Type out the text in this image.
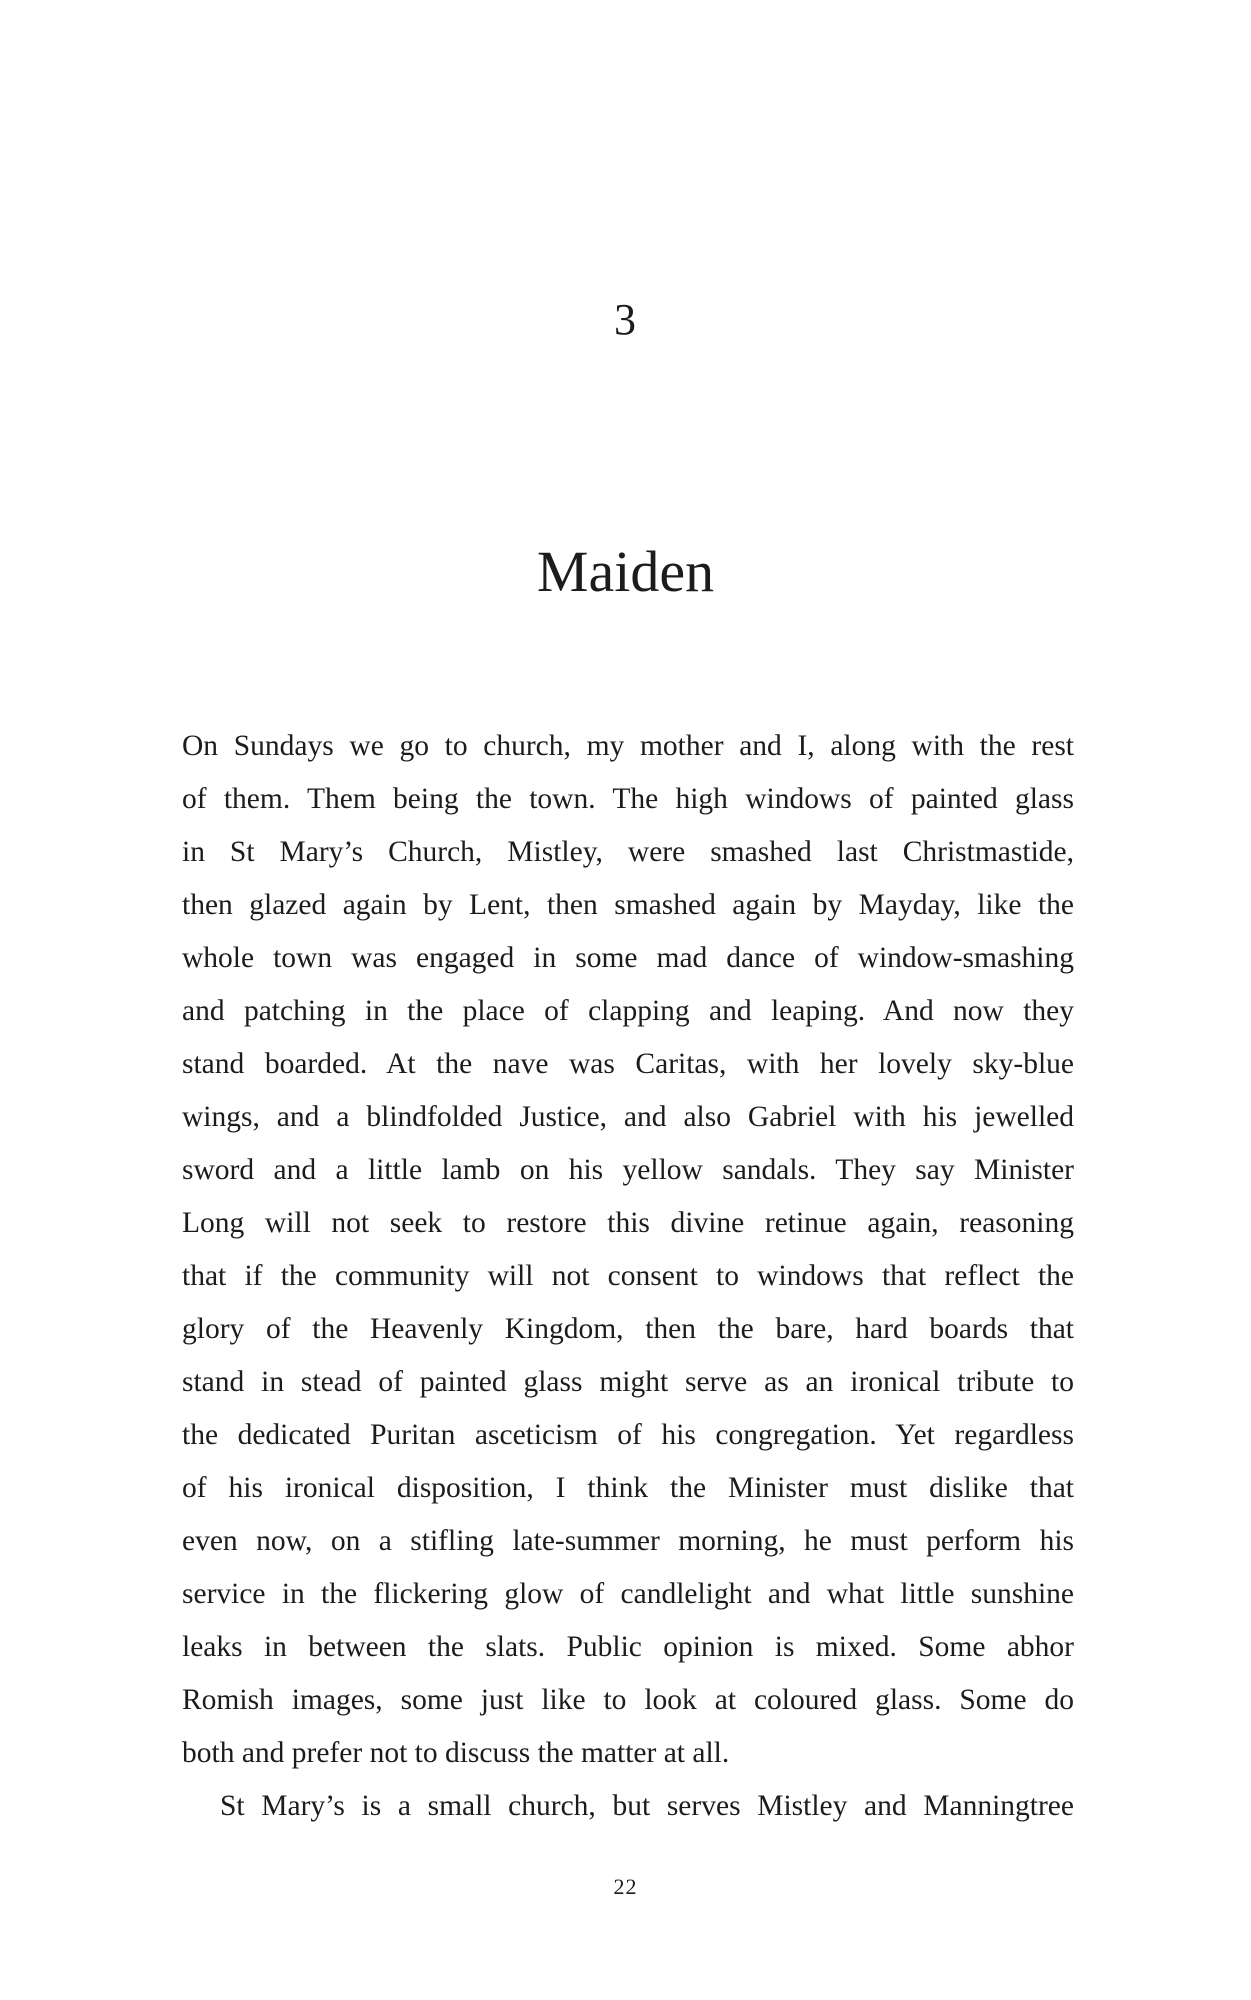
3
Maiden
On Sundays we go to church, my mother and I, along with the rest
of them. Them being the town. The high windows of painted glass
in St Mary’s Church, Mistley, were smashed last Christmastide,
then glazed again by Lent, then smashed again by Mayday, like the
whole town was engaged in some mad dance of window-smashing
and patching in the place of clapping and leaping. And now they
stand boarded. At the nave was Caritas, with her lovely sky-blue
wings, and a blindfolded Justice, and also Gabriel with his jewelled
sword and a little lamb on his yellow sandals. They say Minister
Long will not seek to restore this divine retinue again, reasoning
that if the community will not consent to windows that reflect the
glory of the Heavenly Kingdom, then the bare, hard boards that
stand in stead of painted glass might serve as an ironical tribute to
the dedicated Puritan asceticism of his congregation. Yet regardless
of his ironical disposition, I think the Minister must dislike that
even now, on a stifling late-summer morning, he must perform his
service in the flickering glow of candlelight and what little sunshine
leaks in between the slats. Public opinion is mixed. Some abhor
Romish images, some just like to look at coloured glass. Some do
both and prefer not to discuss the matter at all.
St Mary’s is a small church, but serves Mistley and Manningtree
22
